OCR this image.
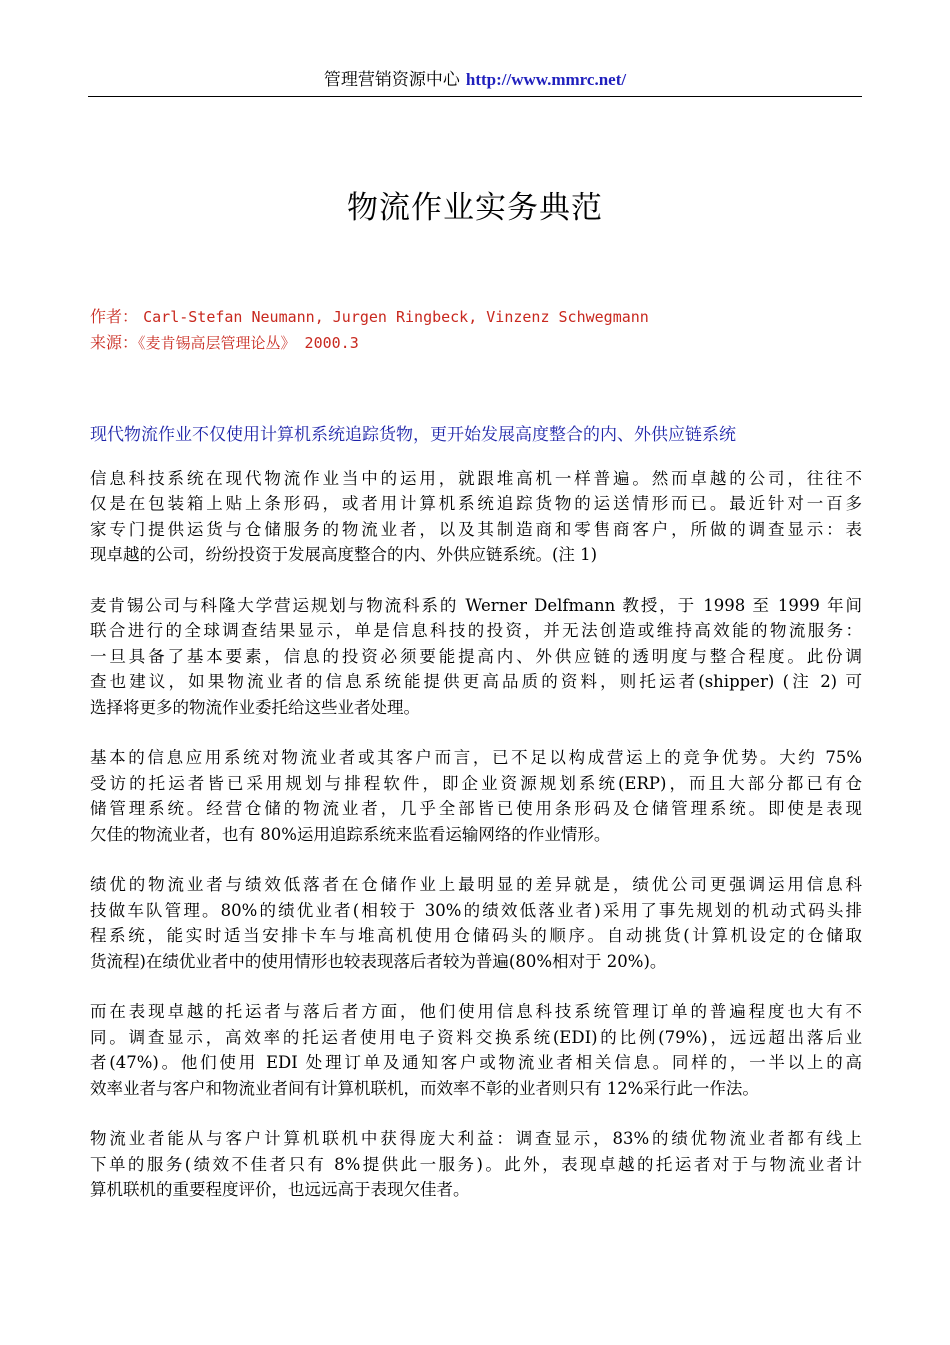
管理营销资源中心 http://www.mmrc.net/
物流作业实务典范
作者： Carl-Stefan Neumann, Jurgen Ringbeck, Vinzenz Schwegmann
来源：《麦肯锡高层管理论丛》 2000.3
现代物流作业不仅使用计算机系统追踪货物，更开始发展高度整合的内、外供应链系统

信息科技系统在现代物流作业当中的运用，就跟堆高机一样普遍。然而卓越的公司，往往不
仅是在包装箱上贴上条形码，或者用计算机系统追踪货物的运送情形而已。最近针对一百多
家专门提供运货与仓储服务的物流业者，以及其制造商和零售商客户，所做的调查显示：表
现卓越的公司，纷纷投资于发展高度整合的内、外供应链系统。(注 1)

麦肯锡公司与科隆大学营运规划与物流科系的 Werner Delfmann 教授，于 1998 至 1999 年间
联合进行的全球调查结果显示，单是信息科技的投资，并无法创造或维持高效能的物流服务：
一旦具备了基本要素，信息的投资必须要能提高内、外供应链的透明度与整合程度。此份调
查也建议，如果物流业者的信息系统能提供更高品质的资料，则托运者(shipper) (注 2) 可
选择将更多的物流作业委托给这些业者处理。

基本的信息应用系统对物流业者或其客户而言，已不足以构成营运上的竞争优势。大约 75%
受访的托运者皆已采用规划与排程软件，即企业资源规划系统(ERP)，而且大部分都已有仓
储管理系统。经营仓储的物流业者，几乎全部皆已使用条形码及仓储管理系统。即使是表现
欠佳的物流业者，也有 80%运用追踪系统来监看运输网络的作业情形。

绩优的物流业者与绩效低落者在仓储作业上最明显的差异就是，绩优公司更强调运用信息科
技做车队管理。80%的绩优业者(相较于 30%的绩效低落业者)采用了事先规划的机动式码头排
程系统，能实时适当安排卡车与堆高机使用仓储码头的顺序。自动挑货(计算机设定的仓储取
货流程)在绩优业者中的使用情形也较表现落后者较为普遍(80%相对于 20%)。

而在表现卓越的托运者与落后者方面，他们使用信息科技系统管理订单的普遍程度也大有不
同。调查显示，高效率的托运者使用电子资料交换系统(EDI)的比例(79%)，远远超出落后业
者(47%)。他们使用 EDI 处理订单及通知客户或物流业者相关信息。同样的，一半以上的高
效率业者与客户和物流业者间有计算机联机，而效率不彰的业者则只有 12%采行此一作法。

物流业者能从与客户计算机联机中获得庞大利益：调查显示，83%的绩优物流业者都有线上
下单的服务(绩效不佳者只有 8%提供此一服务)。此外，表现卓越的托运者对于与物流业者计
算机联机的重要程度评价，也远远高于表现欠佳者。
